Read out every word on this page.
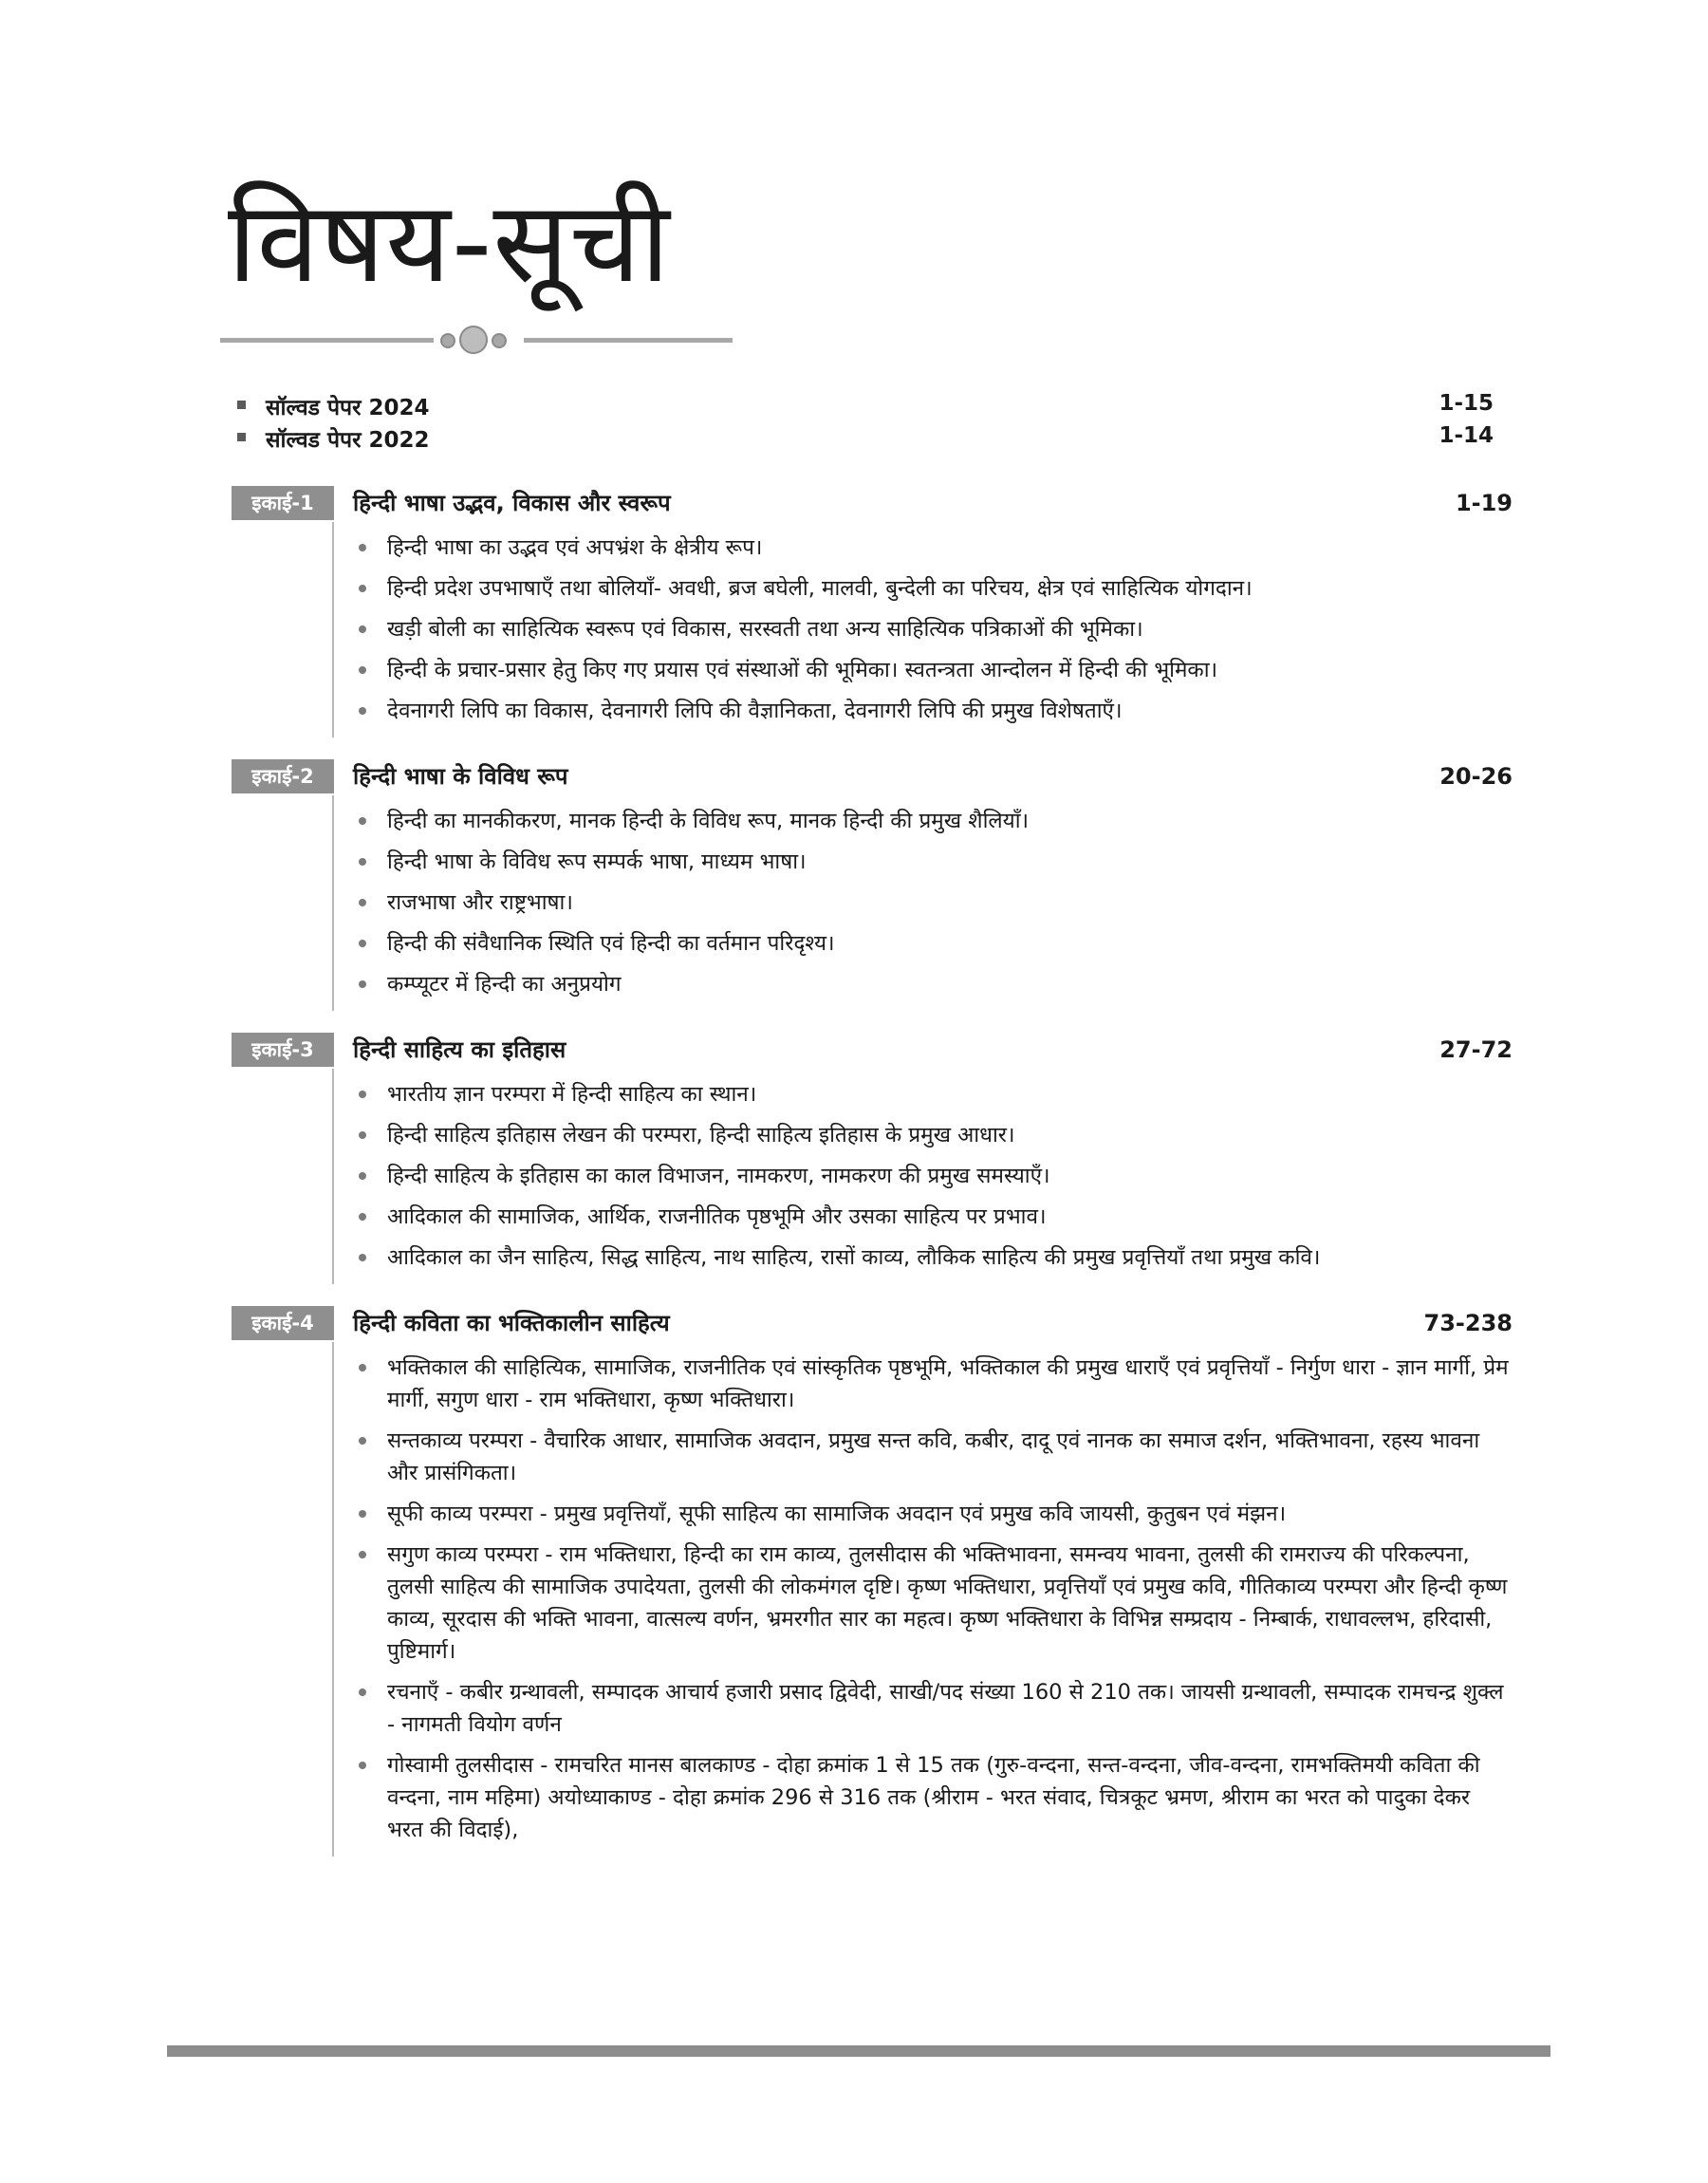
विषय-सूची
सॉल्वड पेपर 2024	1-15
सॉल्वड पेपर 2022	1-14
इकाई-1	हिन्दी भाषा उद्भव, विकास और स्वरूप	1-19
हिन्दी भाषा का उद्भव एवं अपभ्रंश के क्षेत्रीय रूप।
हिन्दी प्रदेश उपभाषाएँ तथा बोलियाँ- अवधी, ब्रज बघेली, मालवी, बुन्देली का परिचय, क्षेत्र एवं साहित्यिक योगदान।
खड़ी बोली का साहित्यिक स्वरूप एवं विकास, सरस्वती तथा अन्य साहित्यिक पत्रिकाओं की भूमिका।
हिन्दी के प्रचार-प्रसार हेतु किए गए प्रयास एवं संस्थाओं की भूमिका। स्वतन्त्रता आन्दोलन में हिन्दी की भूमिका।
देवनागरी लिपि का विकास, देवनागरी लिपि की वैज्ञानिकता, देवनागरी लिपि की प्रमुख विशेषताएँ।
इकाई-2	हिन्दी भाषा के विविध रूप	20-26
हिन्दी का मानकीकरण, मानक हिन्दी के विविध रूप, मानक हिन्दी की प्रमुख शैलियाँ।
हिन्दी भाषा के विविध रूप सम्पर्क भाषा, माध्यम भाषा।
राजभाषा और राष्ट्रभाषा।
हिन्दी की संवैधानिक स्थिति एवं हिन्दी का वर्तमान परिदृश्य।
कम्प्यूटर में हिन्दी का अनुप्रयोग
इकाई-3	हिन्दी साहित्य का इतिहास	27-72
भारतीय ज्ञान परम्परा में हिन्दी साहित्य का स्थान।
हिन्दी साहित्य इतिहास लेखन की परम्परा, हिन्दी साहित्य इतिहास के प्रमुख आधार।
हिन्दी साहित्य के इतिहास का काल विभाजन, नामकरण, नामकरण की प्रमुख समस्याएँ।
आदिकाल की सामाजिक, आर्थिक, राजनीतिक पृष्ठभूमि और उसका साहित्य पर प्रभाव।
आदिकाल का जैन साहित्य, सिद्ध साहित्य, नाथ साहित्य, रासों काव्य, लौकिक साहित्य की प्रमुख प्रवृत्तियाँ तथा प्रमुख कवि।
इकाई-4	हिन्दी कविता का भक्तिकालीन साहित्य	73-238
भक्तिकाल की साहित्यिक, सामाजिक, राजनीतिक एवं सांस्कृतिक पृष्ठभूमि, भक्तिकाल की प्रमुख धाराएँ एवं प्रवृत्तियाँ - निर्गुण धारा - ज्ञान मार्गी, प्रेम मार्गी, सगुण धारा - राम भक्तिधारा, कृष्ण भक्तिधारा।
सन्तकाव्य परम्परा - वैचारिक आधार, सामाजिक अवदान, प्रमुख सन्त कवि, कबीर, दादू एवं नानक का समाज दर्शन, भक्तिभावना, रहस्य भावना और प्रासंगिकता।
सूफी काव्य परम्परा - प्रमुख प्रवृत्तियाँ, सूफी साहित्य का सामाजिक अवदान एवं प्रमुख कवि जायसी, कुतुबन एवं मंझन।
सगुण काव्य परम्परा - राम भक्तिधारा, हिन्दी का राम काव्य, तुलसीदास की भक्तिभावना, समन्वय भावना, तुलसी की रामराज्य की परिकल्पना, तुलसी साहित्य की सामाजिक उपादेयता, तुलसी की लोकमंगल दृष्टि। कृष्ण भक्तिधारा, प्रवृत्तियाँ एवं प्रमुख कवि, गीतिकाव्य परम्परा और हिन्दी कृष्ण काव्य, सूरदास की भक्ति भावना, वात्सल्य वर्णन, भ्रमरगीत सार का महत्व। कृष्ण भक्तिधारा के विभिन्न सम्प्रदाय - निम्बार्क, राधावल्लभ, हरिदासी, पुष्टिमार्ग।
रचनाएँ - कबीर ग्रन्थावली, सम्पादक आचार्य हजारी प्रसाद द्विवेदी, साखी/पद संख्या 160 से 210 तक। जायसी ग्रन्थावली, सम्पादक रामचन्द्र शुक्ल - नागमती वियोग वर्णन
गोस्वामी तुलसीदास - रामचरित मानस बालकाण्ड - दोहा क्रमांक 1 से 15 तक (गुरु-वन्दना, सन्त-वन्दना, जीव-वन्दना, रामभक्तिमयी कविता की वन्दना, नाम महिमा) अयोध्याकाण्ड - दोहा क्रमांक 296 से 316 तक (श्रीराम - भरत संवाद, चित्रकूट भ्रमण, श्रीराम का भरत को पादुका देकर भरत की विदाई),
